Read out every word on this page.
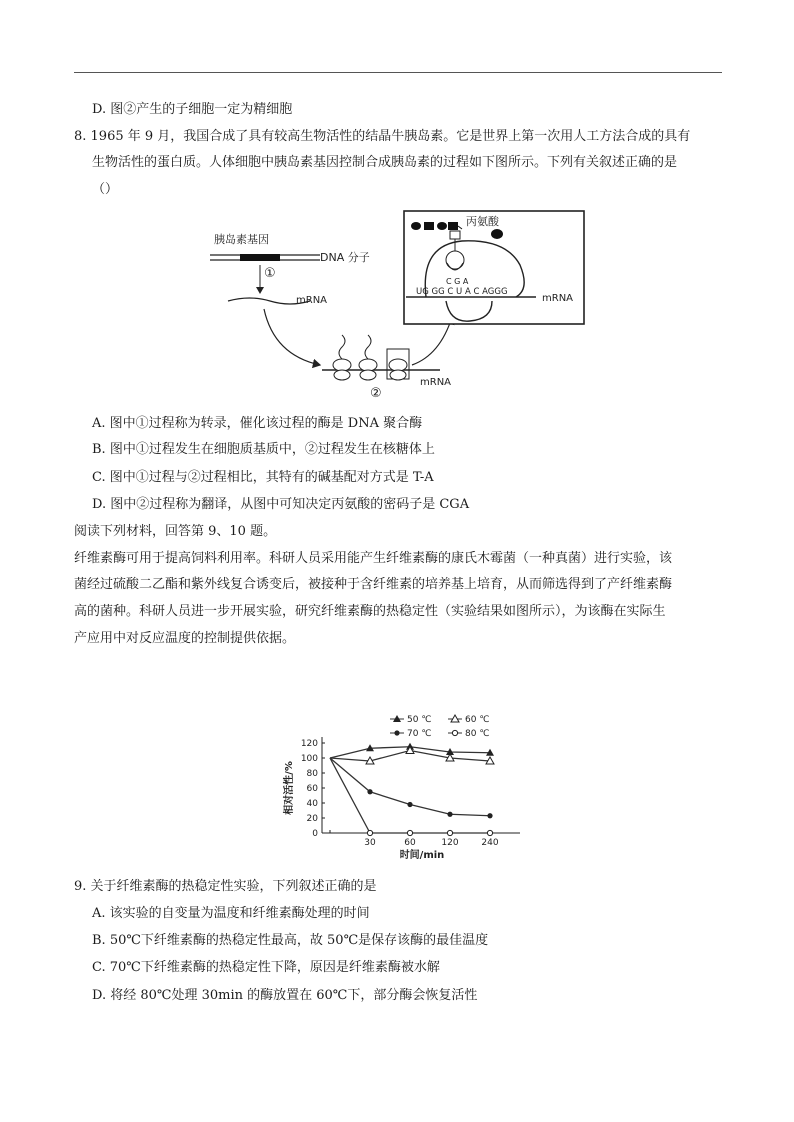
D. 图②产生的子细胞一定为精细胞
8. 1965 年 9 月，我国合成了具有较高生物活性的结晶牛胰岛素。它是世界上第一次用人工方法合成的具有
生物活性的蛋白质。人体细胞中胰岛素基因控制合成胰岛素的过程如下图所示。下列有关叙述正确的是
（）
胰岛素基因
DNA 分子
①
mRNA
mRNA
②
丙氨酸
C G A
UG GG C U A C AGGG
mRNA
A. 图中①过程称为转录，催化该过程的酶是 DNA 聚合酶
B. 图中①过程发生在细胞质基质中，②过程发生在核糖体上
C. 图中①过程与②过程相比，其特有的碱基配对方式是 T-A
D. 图中②过程称为翻译，从图中可知决定丙氨酸的密码子是 CGA
阅读下列材料，回答第 9、10 题。
纤维素酶可用于提高饲料利用率。科研人员采用能产生纤维素酶的康氏木霉菌（一种真菌）进行实验，该
菌经过硫酸二乙酯和紫外线复合诱变后，被接种于含纤维素的培养基上培育，从而筛选得到了产纤维素酶
高的菌种。科研人员进一步开展实验，研究纤维素酶的热稳定性（实验结果如图所示），为该酶在实际生
产应用中对反应温度的控制提供依据。
0
20
40
60
80
100
120
30	60	120	240
时间/min
相对活性/%
50 ℃	60 ℃
70 ℃	80 ℃
9. 关于纤维素酶的热稳定性实验，下列叙述正确的是
A. 该实验的自变量为温度和纤维素酶处理的时间
B. 50℃下纤维素酶的热稳定性最高，故 50℃是保存该酶的最佳温度
C. 70℃下纤维素酶的热稳定性下降，原因是纤维素酶被水解
D. 将经 80℃处理 30min 的酶放置在 60℃下，部分酶会恢复活性
